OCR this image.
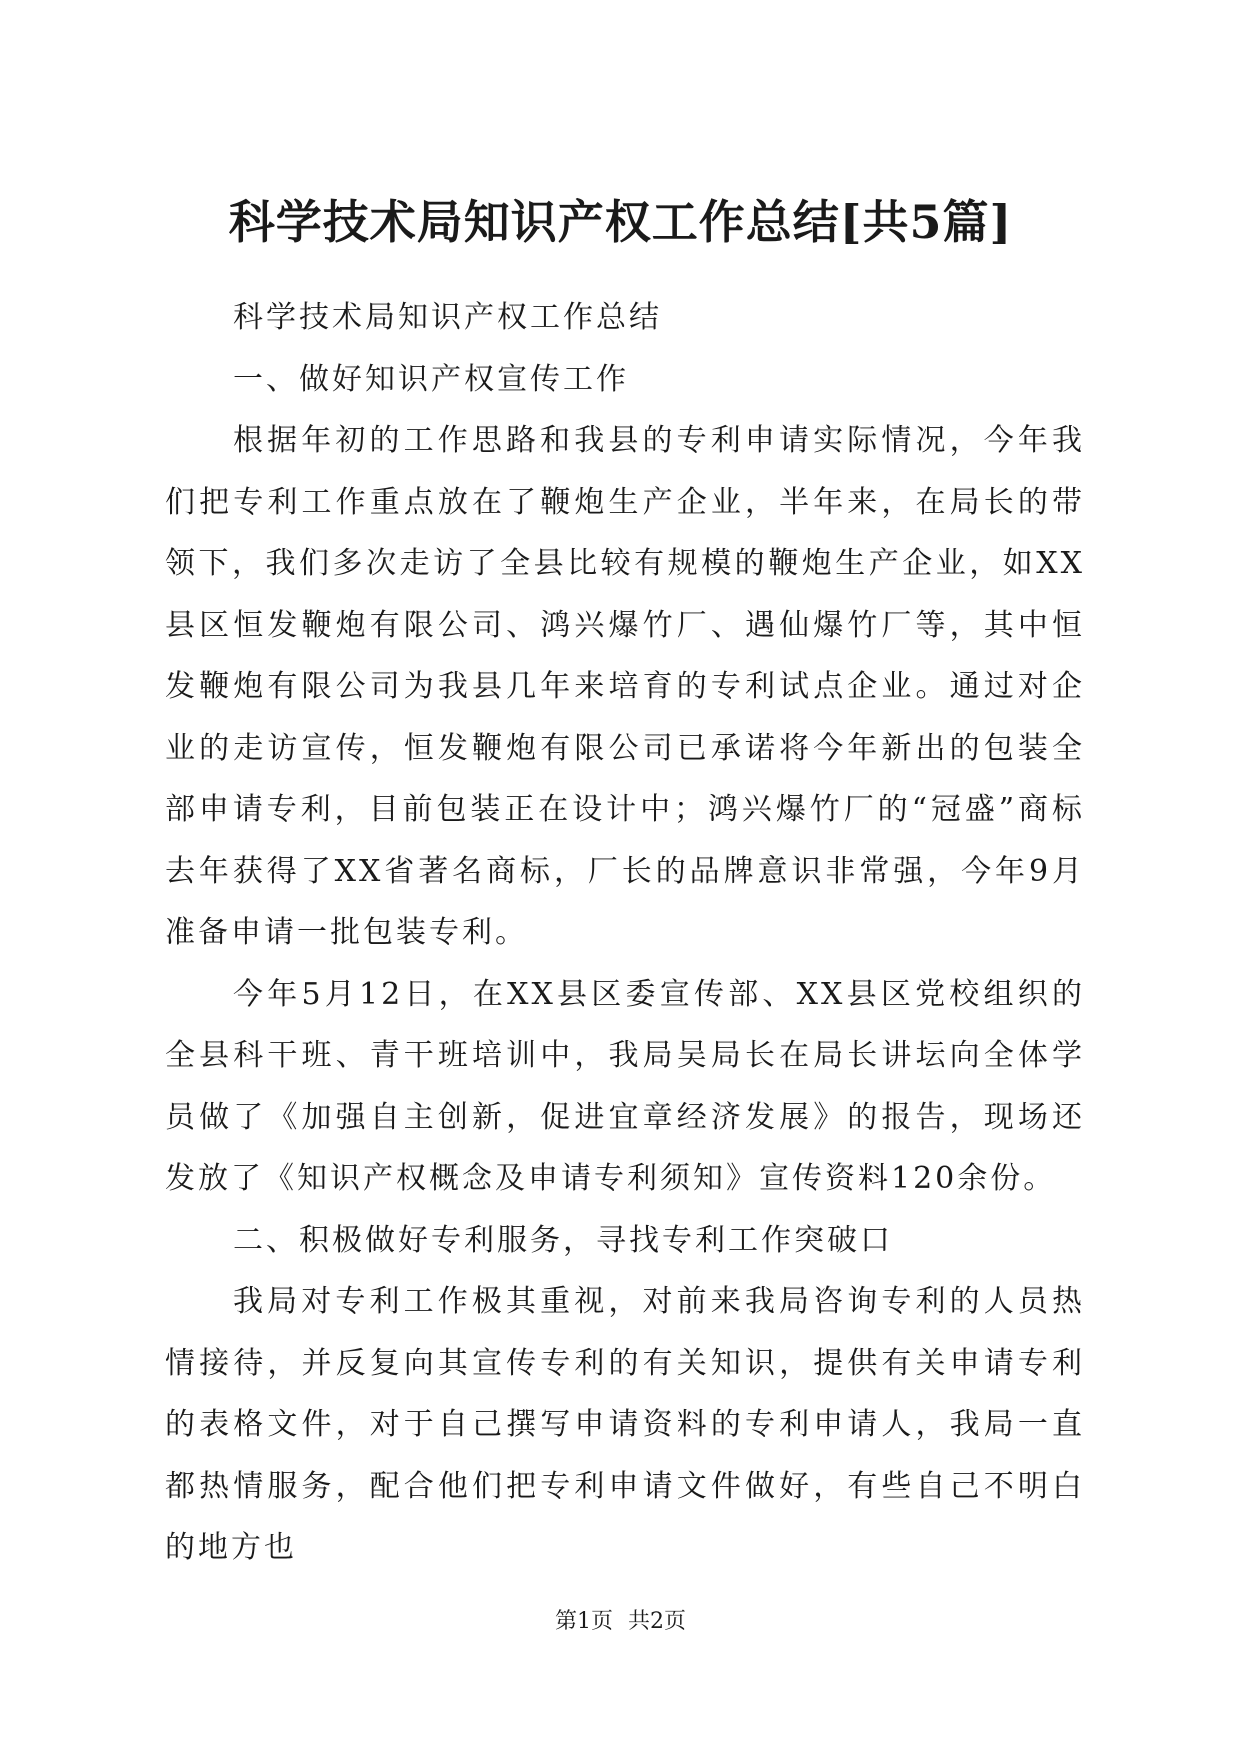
科学技术局知识产权工作总结[共5篇]

科学技术局知识产权工作总结

一、做好知识产权宣传工作

根据年初的工作思路和我县的专利申请实际情况，今年我们把专利工作重点放在了鞭炮生产企业，半年来，在局长的带领下，我们多次走访了全县比较有规模的鞭炮生产企业，如XX县区恒发鞭炮有限公司、鸿兴爆竹厂、遇仙爆竹厂等，其中恒发鞭炮有限公司为我县几年来培育的专利试点企业。通过对企业的走访宣传，恒发鞭炮有限公司已承诺将今年新出的包装全部申请专利，目前包装正在设计中；鸿兴爆竹厂的“冠盛”商标去年获得了XX省著名商标，厂长的品牌意识非常强，今年9月准备申请一批包装专利。

今年5月12日，在XX县区委宣传部、XX县区党校组织的全县科干班、青干班培训中，我局吴局长在局长讲坛向全体学员做了《加强自主创新，促进宜章经济发展》的报告，现场还发放了《知识产权概念及申请专利须知》宣传资料120余份。

二、积极做好专利服务，寻找专利工作突破口

我局对专利工作极其重视，对前来我局咨询专利的人员热情接待，并反复向其宣传专利的有关知识，提供有关申请专利的表格文件，对于自己撰写申请资料的专利申请人，我局一直都热情服务，配合他们把专利申请文件做好，有些自己不明白的地方也

第1页 共2页
